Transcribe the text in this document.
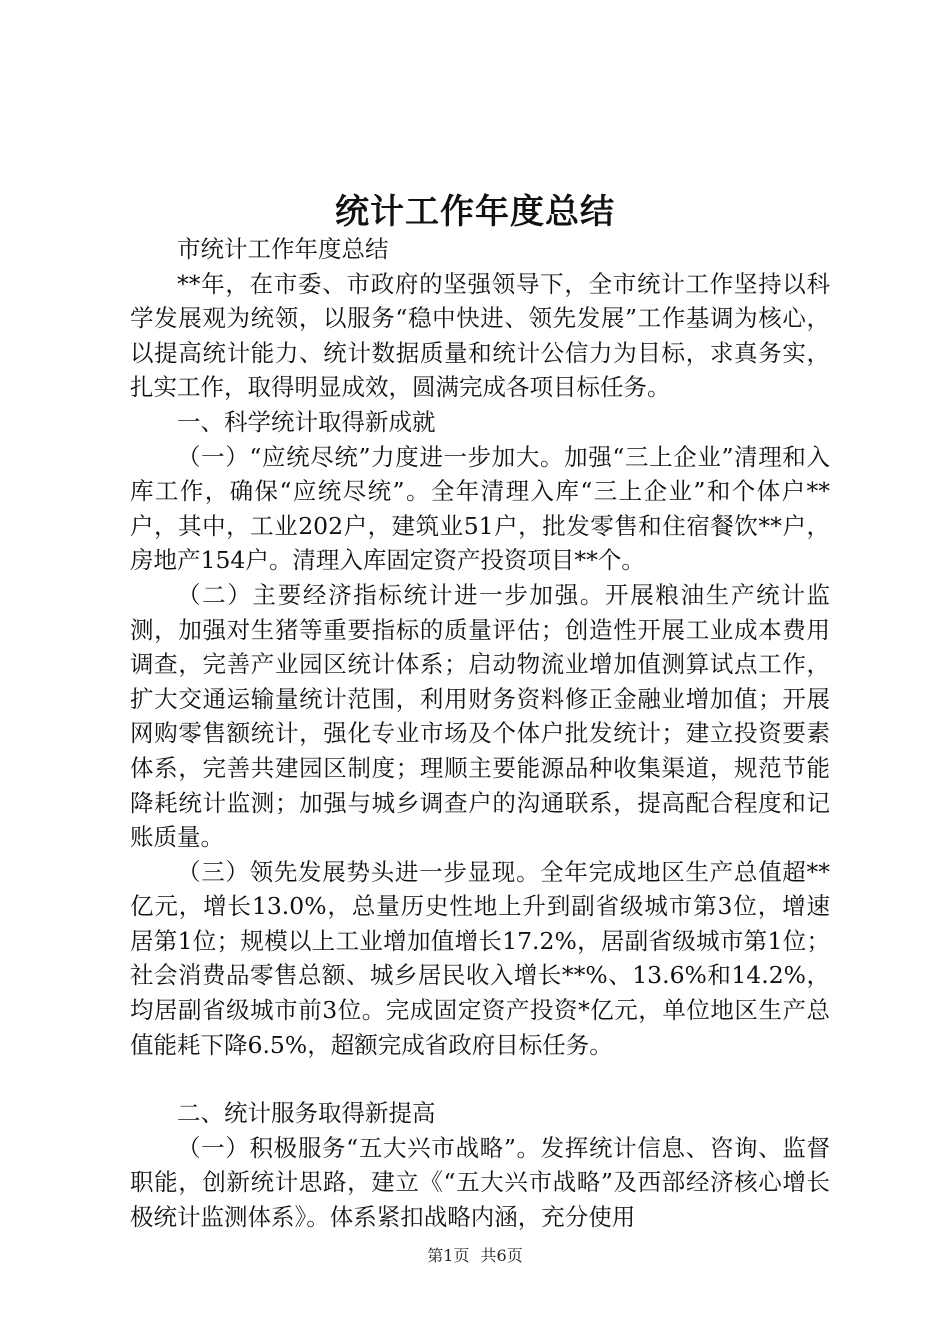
统计工作年度总结

市统计工作年度总结

**年，在市委、市政府的坚强领导下，全市统计工作坚持以科学发展观为统领，以服务“稳中快进、领先发展”工作基调为核心，以提高统计能力、统计数据质量和统计公信力为目标，求真务实，扎实工作，取得明显成效，圆满完成各项目标任务。

一、科学统计取得新成就

（一）“应统尽统”力度进一步加大。加强“三上企业”清理和入库工作，确保“应统尽统”。全年清理入库“三上企业”和个体户**户，其中，工业202户，建筑业51户，批发零售和住宿餐饮**户，房地产154户。清理入库固定资产投资项目**个。

（二）主要经济指标统计进一步加强。开展粮油生产统计监测，加强对生猪等重要指标的质量评估；创造性开展工业成本费用调查，完善产业园区统计体系；启动物流业增加值测算试点工作，扩大交通运输量统计范围，利用财务资料修正金融业增加值；开展网购零售额统计，强化专业市场及个体户批发统计；建立投资要素体系，完善共建园区制度；理顺主要能源品种收集渠道，规范节能降耗统计监测；加强与城乡调查户的沟通联系，提高配合程度和记账质量。

（三）领先发展势头进一步显现。全年完成地区生产总值超**亿元，增长13.0%，总量历史性地上升到副省级城市第3位，增速居第1位；规模以上工业增加值增长17.2%，居副省级城市第1位；社会消费品零售总额、城乡居民收入增长**%、13.6%和14.2%，均居副省级城市前3位。完成固定资产投资*亿元，单位地区生产总值能耗下降6.5%，超额完成省政府目标任务。

二、统计服务取得新提高

（一）积极服务“五大兴市战略”。发挥统计信息、咨询、监督职能，创新统计思路，建立《“五大兴市战略”及西部经济核心增长极统计监测体系》。体系紧扣战略内涵，充分使用

第1页 共6页
